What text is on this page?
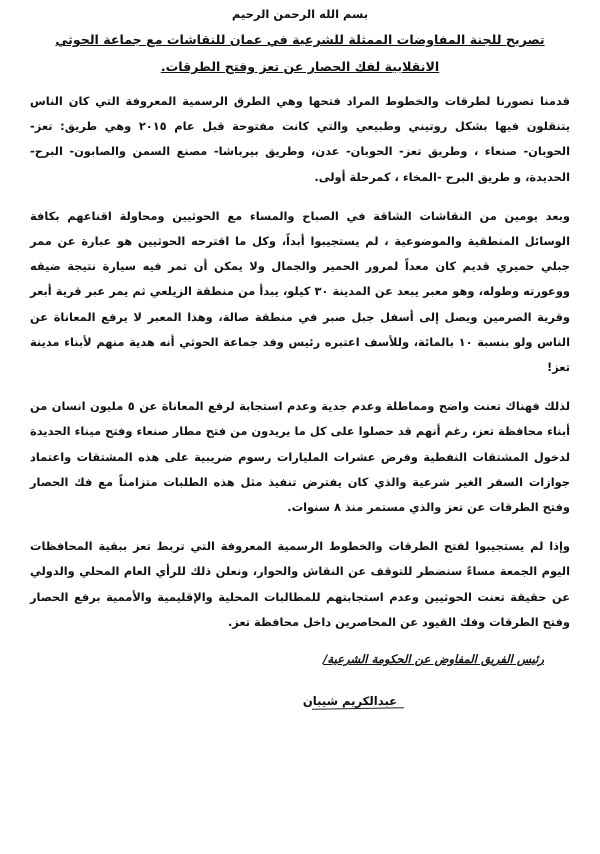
بسم الله الرحمن الرحيم
تصريح للجنة المفاوضات الممثلة للشرعية في عمان للنقاشات مع جماعة الحوثي
الانقلابية لفك الحصار عن تعز وفتح الطرقات.

قدمنا تصورنا لطرقات والخطوط المراد فتحها وهي الطرق الرسمية المعروفة التي كان الناس يتنقلون فيها بشكل روتيني وطبيعي والتي كانت مفتوحة قبل عام ٢٠١٥ وهي طريق: تعز- الحوبان- صنعاء ، وطريق تعز- الحوبان- عدن، وطريق بيرباشا- مصنع السمن والصابون- البرح- الحديدة، و طريق البرح -المخاء ، كمرحلة أولى.

وبعد يومين من النقاشات الشاقة في الصباح والمساء مع الحوثيين ومحاولة اقناعهم بكافة الوسائل المنطقية والموضوعية ، لم يستجيبوا أبداً، وكل ما اقترحه الحوثيين هو عبارة عن ممر جبلي حميري قديم كان معداً لمرور الحمير والجمال ولا يمكن أن تمر فيه سيارة نتيجة ضيقه ووعورته وطوله، وهو معبر يبعد عن المدينة ٣٠ كيلو، يبدأ من منطقة الزيلعي ثم يمر عبر قرية أبعر وقرية الصرمين ويصل إلى أسفل جبل صبر في منطقة صالة، وهذا المعبر لا يرفع المعاناة عن الناس ولو بنسبة ١٠ بالمائة، وللأسف اعتبره رئيس وفد جماعة الحوثي أنه هدية منهم لأبناء مدينة تعز!

لذلك فهناك تعنت واضح ومماطلة وعدم جدية وعدم استجابة لرفع المعاناة عن ٥ مليون انسان من أبناء محافظة تعز، رغم أنهم قد حصلوا على كل ما يريدون من فتح مطار صنعاء وفتح ميناء الحديدة لدخول المشتقات النفطية وفرض عشرات المليارات رسوم ضريبية على هذه المشتقات واعتماد جوازات السفر الغير شرعية والذي كان يفترض تنفيذ مثل هذه الطلبات متزامناً مع فك الحصار وفتح الطرقات عن تعز والذي مستمر منذ ٨ سنوات.

وإذا لم يستجيبوا لفتح الطرقات والخطوط الرسمية المعروفة التي تربط تعز ببقية المحافظات اليوم الجمعة مساءً سنضطر للتوقف عن النقاش والحوار، ونعلن ذلك للرأي العام المحلي والدولي عن حقيقة تعنت الحوثيين وعدم استجابتهم للمطالبات المحلية والإقليمية والأممية برفع الحصار وفتح الطرقات وفك القيود عن المحاصرين داخل محافظة تعز.

رئيس الفريق المفاوض عن الحكومة الشرعية/
عبدالكريم شيبان
